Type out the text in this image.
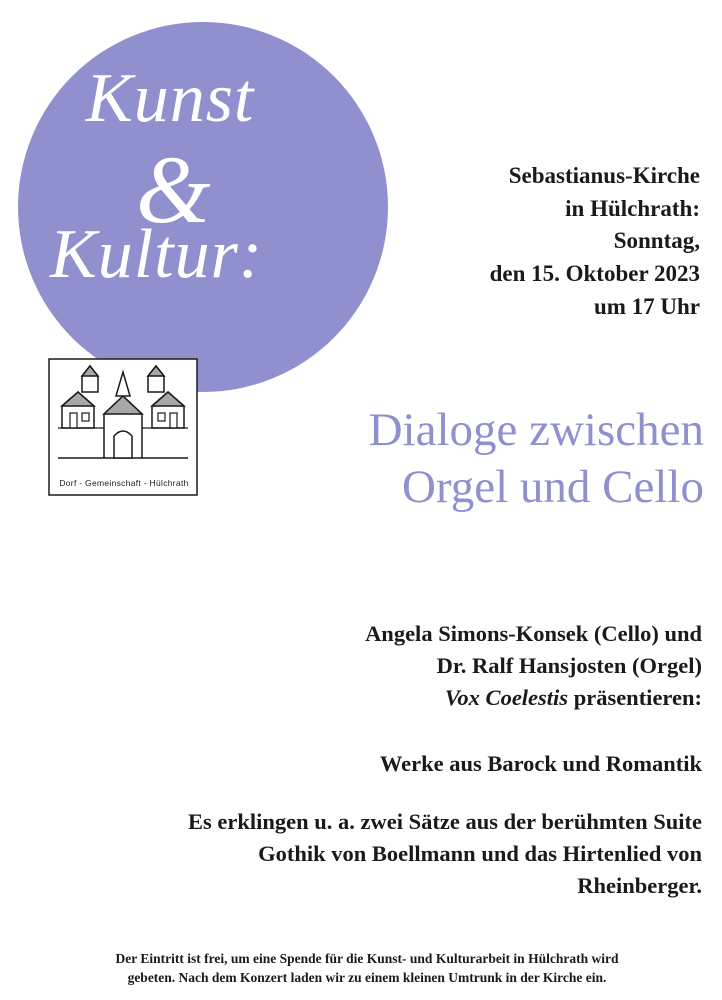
Kunst
&
Kultur:
Dorf - Gemeinschaft - Hülchrath
Sebastianus-Kirche
in Hülchrath:
Sonntag,
den 15. Oktober 2023
um 17 Uhr
Dialoge zwischen
Orgel und Cello
Angela Simons-Konsek (Cello) und
Dr. Ralf Hansjosten (Orgel)
Vox Coelestis präsentieren:
Werke aus Barock und Romantik
Es erklingen u. a. zwei Sätze aus der berühmten Suite
Gothik von Boellmann und das Hirtenlied von
Rheinberger.
Der Eintritt ist frei, um eine Spende für die Kunst- und Kulturarbeit in Hülchrath wird
gebeten. Nach dem Konzert laden wir zu einem kleinen Umtrunk in der Kirche ein.
